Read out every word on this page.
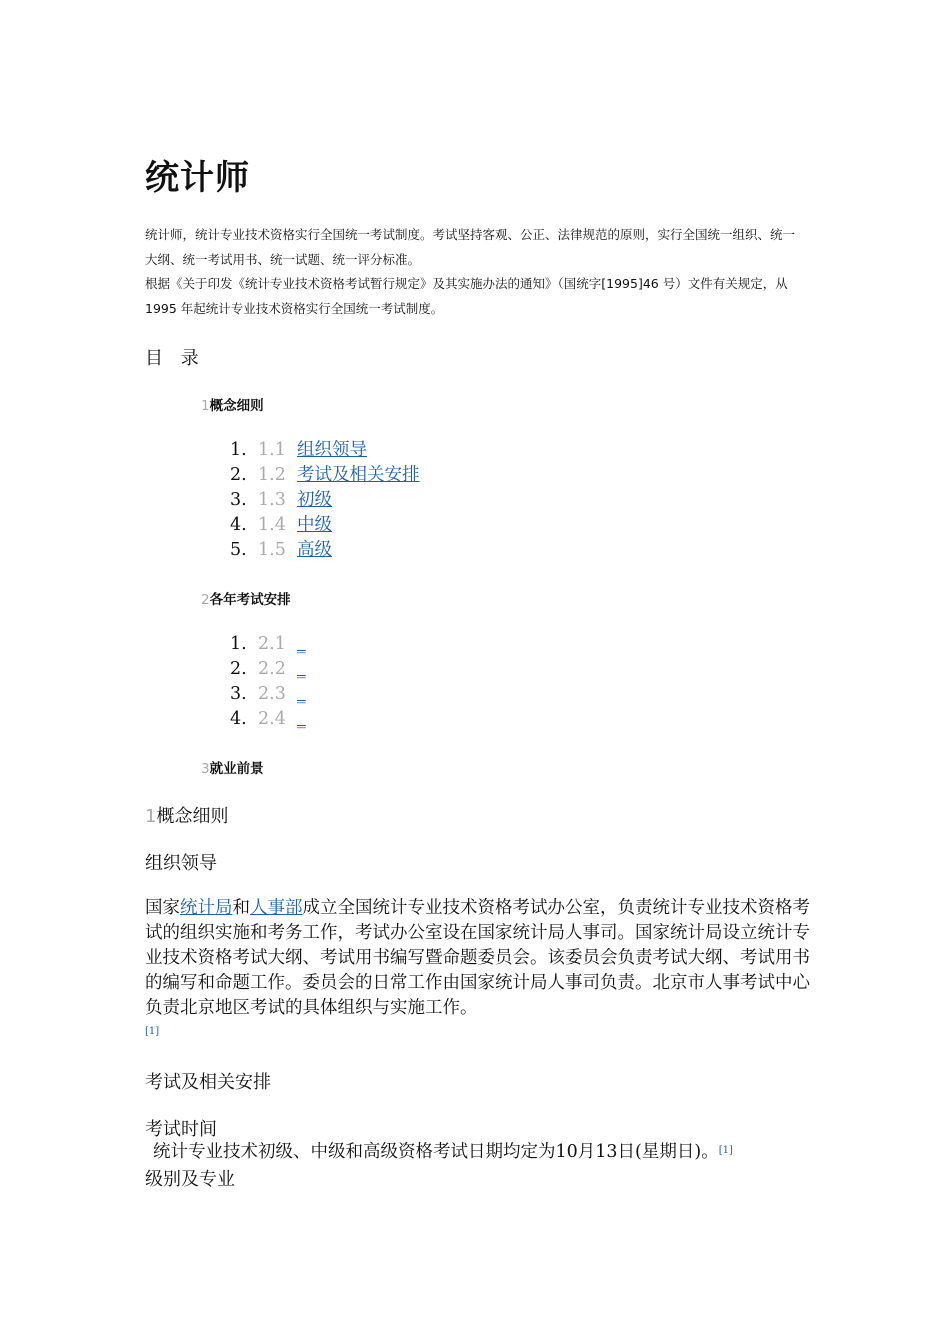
统计师
统计师，统计专业技术资格实行全国统一考试制度。考试坚持客观、公正、法律规范的原则，实行全国统一组织、统一大纲、统一考试用书、统一试题、统一评分标准。
根据《关于印发《统计专业技术资格考试暂行规定》及其实施办法的通知》（国统字[1995]46 号）文件有关规定，从 1995 年起统计专业技术资格实行全国统一考试制度。
目 录
1概念细则
1. 1.1 组织领导
2. 1.2 考试及相关安排
3. 1.3 初级
4. 1.4 中级
5. 1.5 高级
2各年考试安排
1. 2.1 _
2. 2.2 _
3. 2.3 _
4. 2.4 _
3就业前景
1概念细则
组织领导
国家统计局和人事部成立全国统计专业技术资格考试办公室，负责统计专业技术资格考试的组织实施和考务工作，考试办公室设在国家统计局人事司。国家统计局设立统计专业技术资格考试大纲、考试用书编写暨命题委员会。该委员会负责考试大纲、考试用书的编写和命题工作。委员会的日常工作由国家统计局人事司负责。北京市人事考试中心负责北京地区考试的具体组织与实施工作。
[1]
考试及相关安排
考试时间
统计专业技术初级、中级和高级资格考试日期均定为10月13日(星期日)。[1]
级别及专业
